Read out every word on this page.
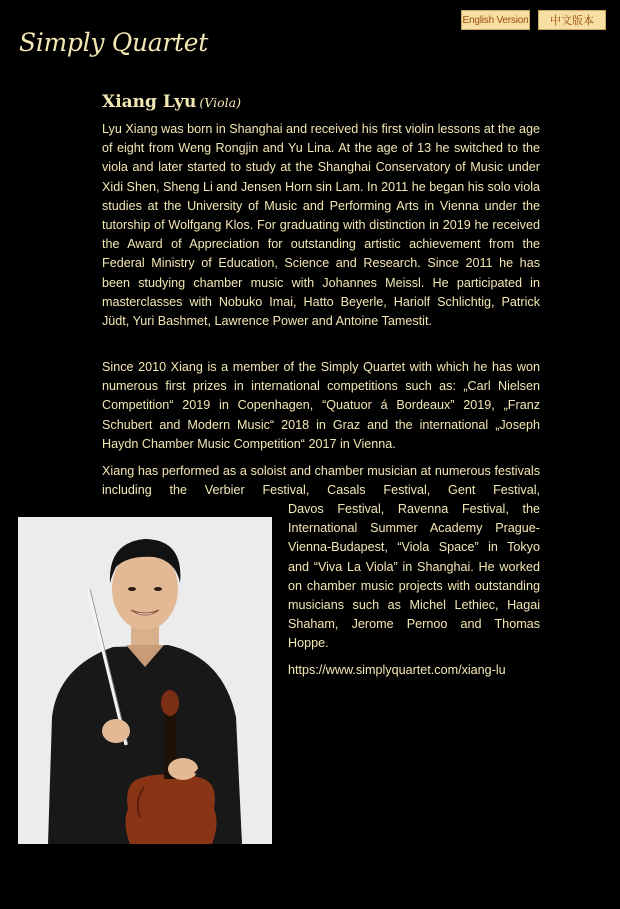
English Version	中文版本
Simply Quartet
Xiang Lyu (Viola)

Lyu Xiang was born in Shanghai and received his first violin lessons at the age of eight from Weng Rongjin and Yu Lina. At the age of 13 he switched to the viola and later started to study at the Shanghai Conservatory of Music under Xidi Shen, Sheng Li and Jensen Horn sin Lam. In 2011 he began his solo viola studies at the University of Music and Performing Arts in Vienna under the tutorship of Wolfgang Klos. For graduating with distinction in 2019 he received the Award of Appreciation for outstanding artistic achievement from the Federal Ministry of Education, Science and Research. Since 2011 he has been studying chamber music with Johannes Meissl. He participated in masterclasses with Nobuko Imai, Hatto Beyerle, Hariolf Schlichtig, Patrick Jüdt, Yuri Bashmet, Lawrence Power and Antoine Tamestit.

Since 2010 Xiang is a member of the Simply Quartet with which he has won numerous first prizes in international competitions such as: „Carl Nielsen Competition“ 2019 in Copenhagen, “Quatuor á Bordeaux” 2019, „Franz Schubert and Modern Music“ 2018 in Graz and the international „Joseph Haydn Chamber Music Competition“ 2017 in Vienna.

Xiang has performed as a soloist and chamber musician at numerous festivals including the Verbier Festival, Casals Festival, Gent Festival,

Davos Festival, Ravenna Festival, the International Summer Academy Prague-Vienna-Budapest, “Viola Space” in Tokyo and “Viva La Viola” in Shanghai. He worked on chamber music projects with outstanding musicians such as Michel Lethiec, Hagai Shaham, Jerome Pernoo and Thomas Hoppe.

https://www.simplyquartet.com/xiang-lu
